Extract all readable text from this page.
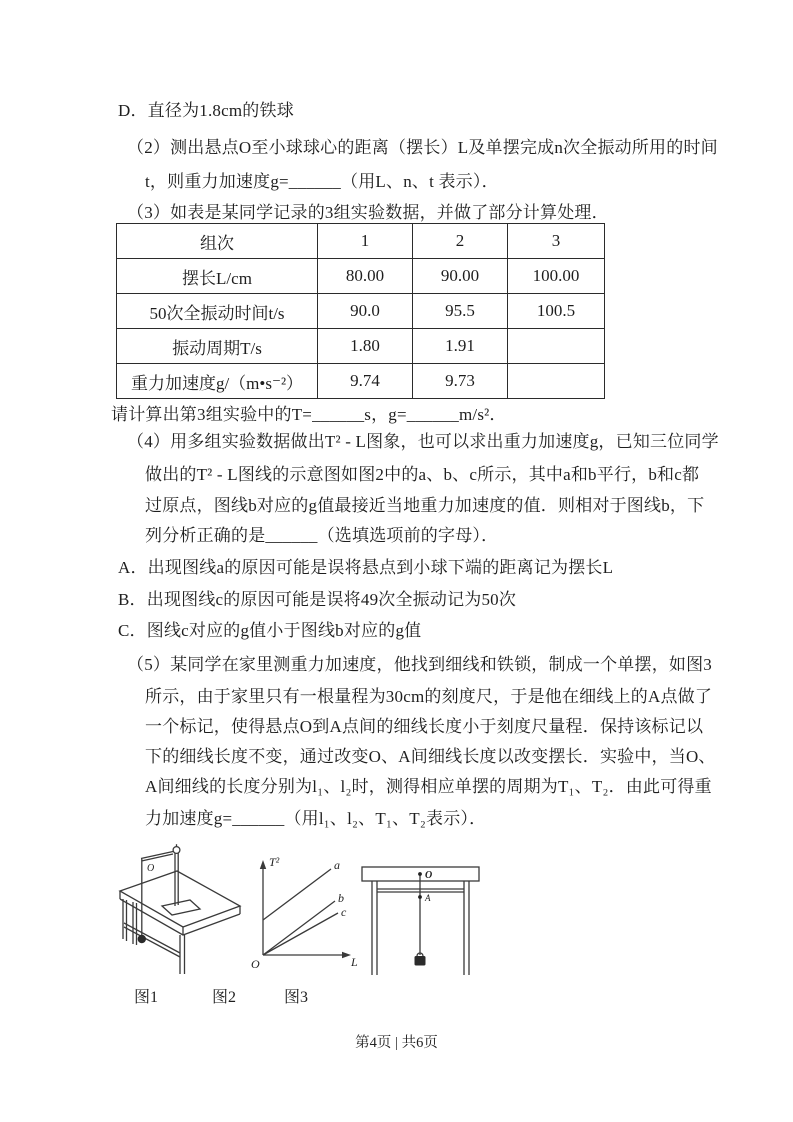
D．直径为1.8cm的铁球
（2）测出悬点O至小球球心的距离（摆长）L及单摆完成n次全振动所用的时间
t，则重力加速度g=______（用L、n、t 表示）．
（3）如表是某同学记录的3组实验数据，并做了部分计算处理．
组次	1	2	3
摆长L/cm	80.00	90.00	100.00
50次全振动时间t/s	90.0	95.5	100.5
振动周期T/s	1.80	1.91	
重力加速度g/（m•s⁻²）	9.74	9.73	
请计算出第3组实验中的T=______s，g=______m/s²．
（4）用多组实验数据做出T² - L图象，也可以求出重力加速度g，已知三位同学
做出的T² - L图线的示意图如图2中的a、b、c所示，其中a和b平行，b和c都
过原点，图线b对应的g值最接近当地重力加速度的值．则相对于图线b，下
列分析正确的是______（选填选项前的字母）．
A．出现图线a的原因可能是误将悬点到小球下端的距离记为摆长L
B．出现图线c的原因可能是误将49次全振动记为50次
C．图线c对应的g值小于图线b对应的g值
（5）某同学在家里测重力加速度，他找到细线和铁锁，制成一个单摆，如图3
所示，由于家里只有一根量程为30cm的刻度尺，于是他在细线上的A点做了
一个标记，使得悬点O到A点间的细线长度小于刻度尺量程．保持该标记以
下的细线长度不变，通过改变O、A间细线长度以改变摆长．实验中，当O、
A间细线的长度分别为l₁、l₂时，测得相应单摆的周期为T₁、T₂．由此可得重
力加速度g=______（用l₁、l₂、T₁、T₂表示）．
O	T²
L
O
a
b
c
O
A
图1	图2	图3
第4页 | 共6页
